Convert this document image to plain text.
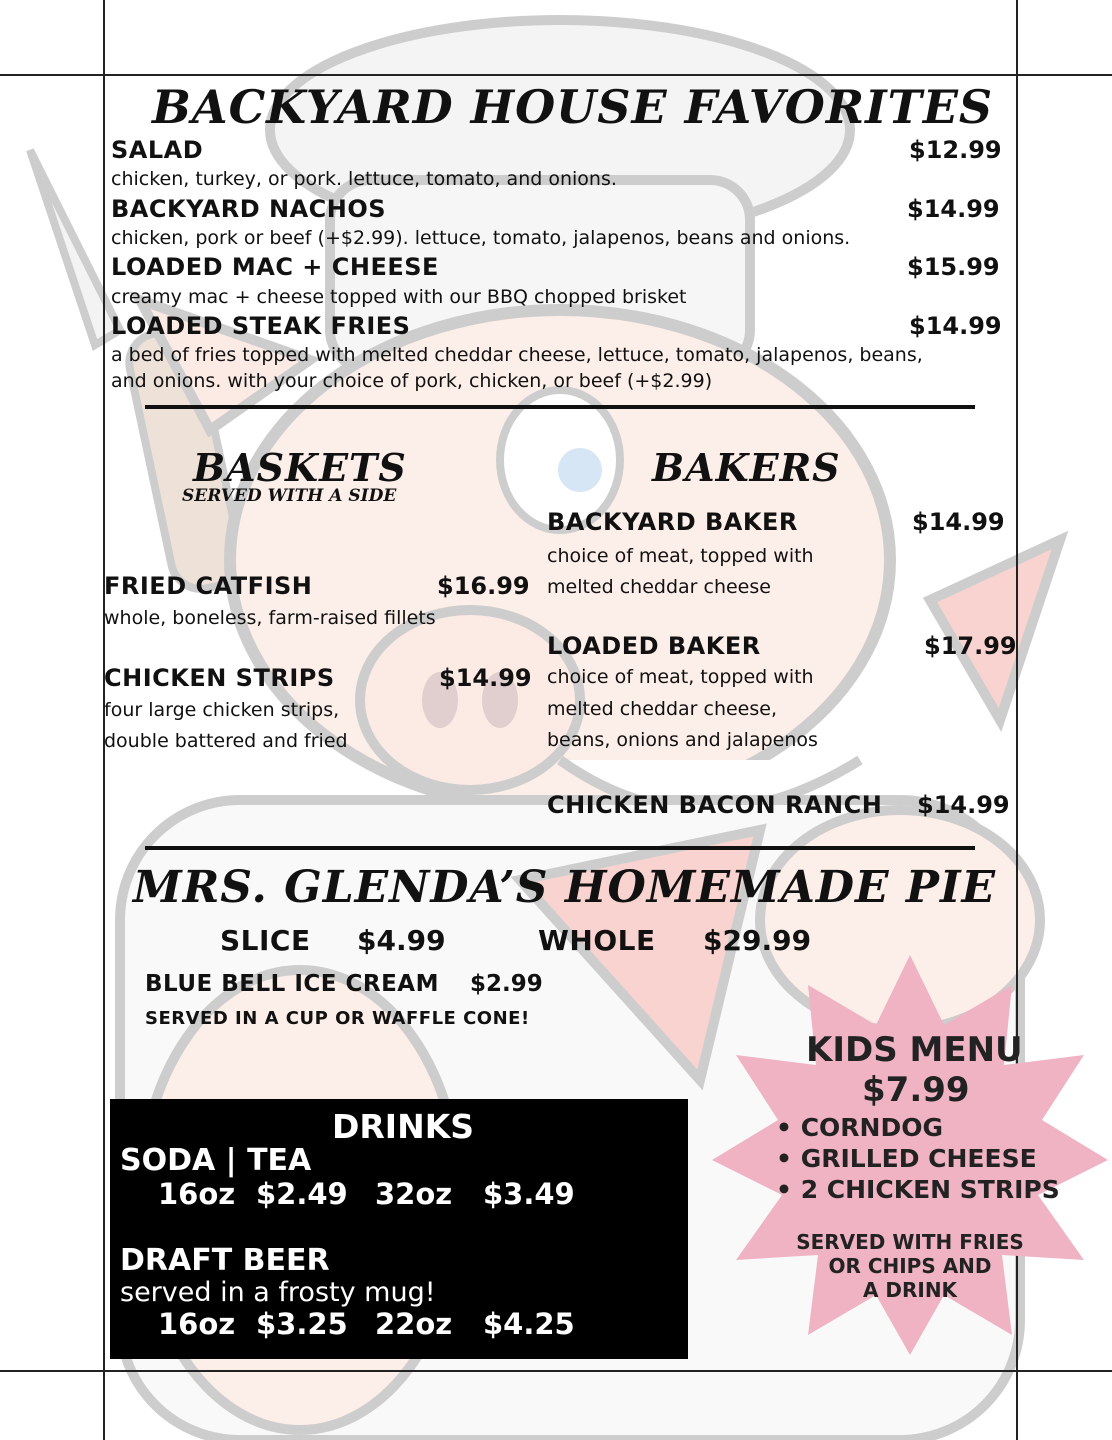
BACKYARD HOUSE FAVORITES
SALAD	$12.99
chicken, turkey, or pork. lettuce, tomato, and onions.
BACKYARD NACHOS	$14.99
chicken, pork or beef (+$2.99). lettuce, tomato, jalapenos, beans and onions.
LOADED MAC + CHEESE	$15.99
creamy mac + cheese topped with our BBQ chopped brisket
LOADED STEAK FRIES	$14.99
a bed of fries topped with melted cheddar cheese, lettuce, tomato, jalapenos, beans,
and onions. with your choice of pork, chicken, or beef (+$2.99)
BASKETS
SERVED WITH A SIDE
FRIED CATFISH	$16.99
whole, boneless, farm-raised fillets
CHICKEN STRIPS	$14.99
four large chicken strips,
double battered and fried
BAKERS
BACKYARD BAKER	$14.99
choice of meat, topped with
melted cheddar cheese
LOADED BAKER	$17.99
choice of meat, topped with
melted cheddar cheese,
beans, onions and jalapenos
CHICKEN BACON RANCH $14.99
MRS. GLENDA’S HOMEMADE PIE
SLICE $4.99	WHOLE $29.99
BLUE BELL ICE CREAM $2.99
SERVED IN A CUP OR WAFFLE CONE!
DRINKS
SODA | TEA
16oz $2.49 32oz $3.49
DRAFT BEER
served in a frosty mug!
16oz $3.25 22oz $4.25
KIDS MENU
$7.99
• CORNDOG
• GRILLED CHEESE
• 2 CHICKEN STRIPS
SERVED WITH FRIES
OR CHIPS AND
A DRINK
